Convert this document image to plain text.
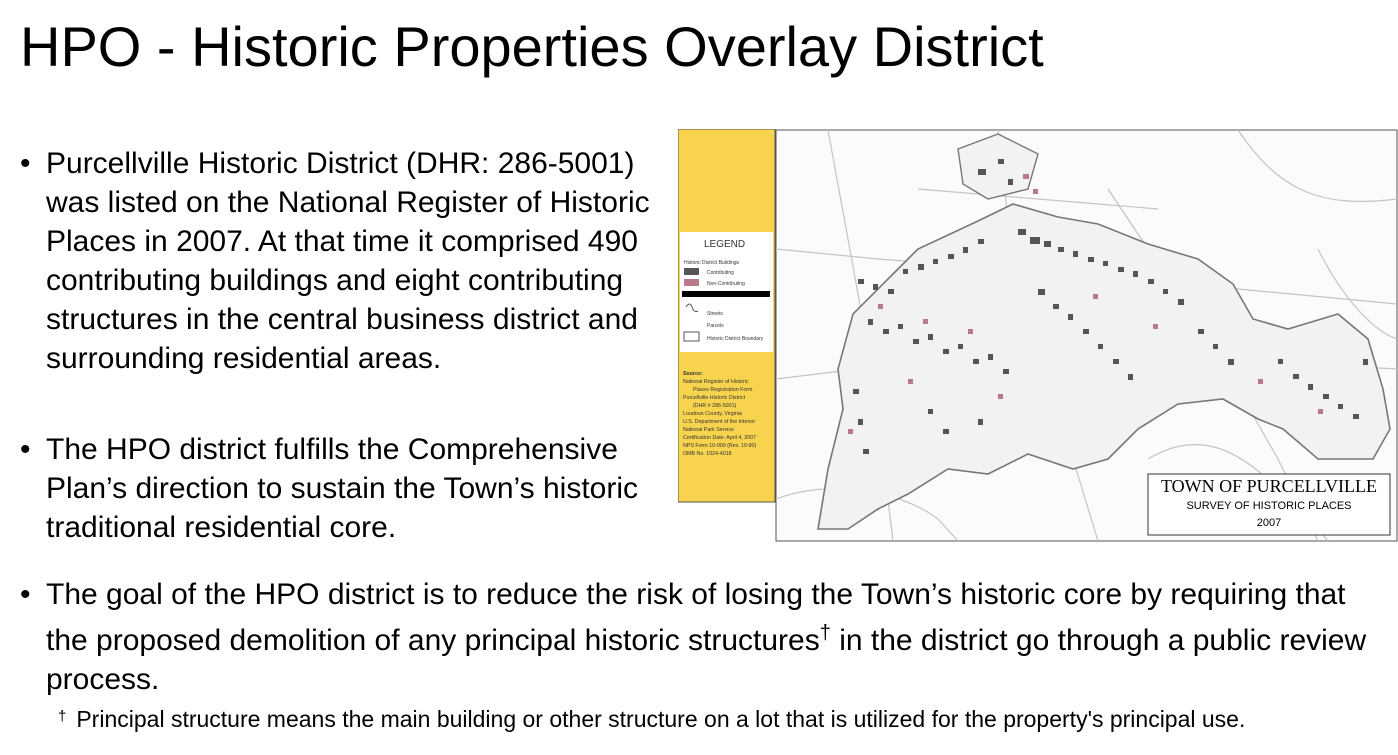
HPO - Historic Properties Overlay District
• Purcellville Historic District (DHR: 286-5001) was listed on the National Register of Historic Places in 2007. At that time it comprised 490 contributing buildings and eight contributing structures in the central business district and surrounding residential areas.
• The HPO district fulfills the Comprehensive Plan’s direction to sustain the Town’s historic traditional residential core.
• The goal of the HPO district is to reduce the risk of losing the Town’s historic core by requiring that the proposed demolition of any principal historic structures† in the district go through a public review process.
† Principal structure means the main building or other structure on a lot that is utilized for the property's principal use.
LEGEND
Historic District Buildings
Contributing
Non-Contributing
Streets
Parcels
Historic District Boundary
Source:
National Register of Historic
Places Registration Form
Purcellville Historic District
(DHR # 286-5001)
Loudoun County, Virginia
U.S. Department of the Interior
National Park Service
Certification Date: April 4, 2007
NPS Form 10-900 (Rev. 10-90)
OMB No. 1024-4018
TOWN OF PURCELLVILLE
SURVEY OF HISTORIC PLACES
2007
